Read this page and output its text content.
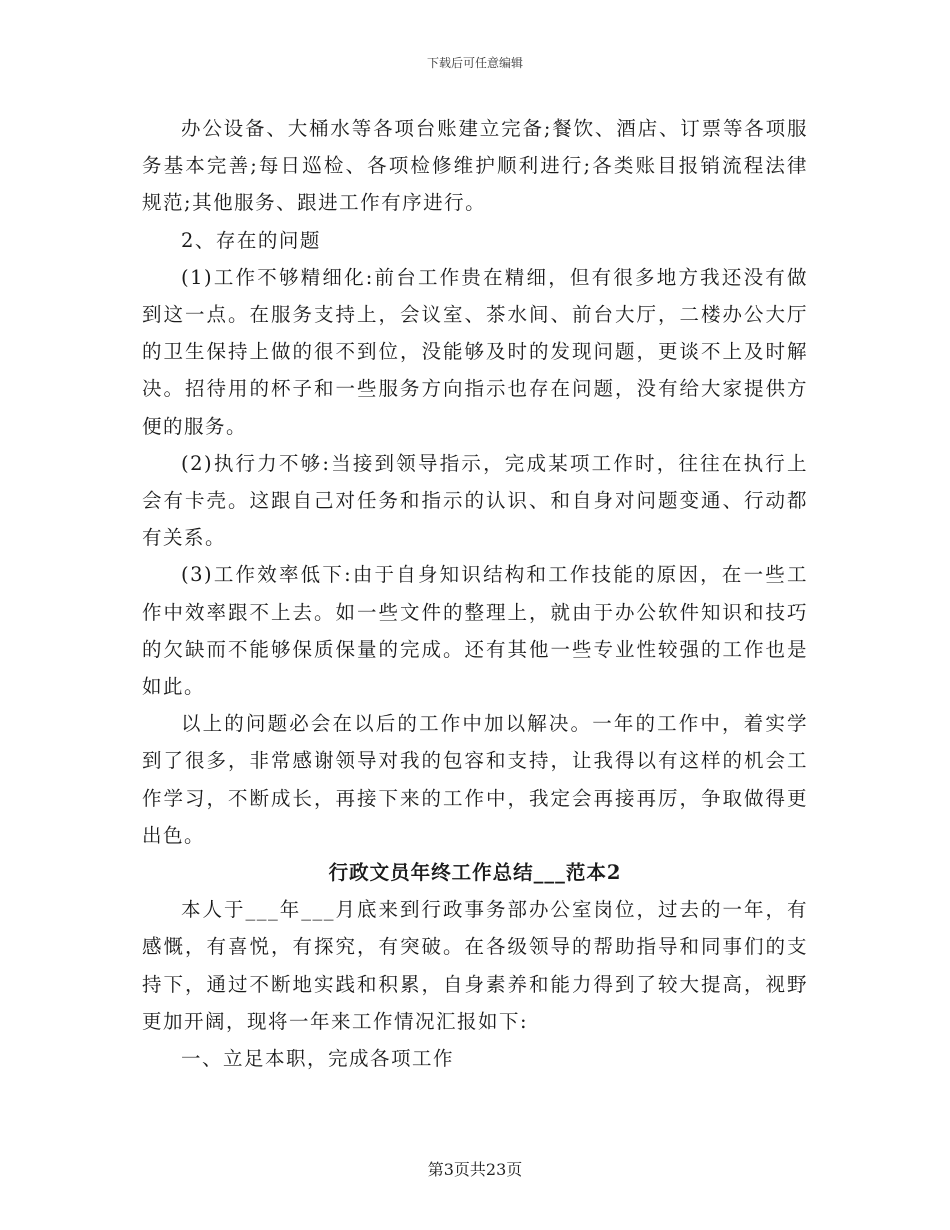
下载后可任意编辑

办公设备、大桶水等各项台账建立完备;餐饮、酒店、订票等各项服务基本完善;每日巡检、各项检修维护顺利进行;各类账目报销流程法律规范;其他服务、跟进工作有序进行。

2、存在的问题

(1)工作不够精细化:前台工作贵在精细，但有很多地方我还没有做到这一点。在服务支持上，会议室、茶水间、前台大厅，二楼办公大厅的卫生保持上做的很不到位，没能够及时的发现问题，更谈不上及时解决。招待用的杯子和一些服务方向指示也存在问题，没有给大家提供方便的服务。

(2)执行力不够:当接到领导指示，完成某项工作时，往往在执行上会有卡壳。这跟自己对任务和指示的认识、和自身对问题变通、行动都有关系。

(3)工作效率低下:由于自身知识结构和工作技能的原因，在一些工作中效率跟不上去。如一些文件的整理上，就由于办公软件知识和技巧的欠缺而不能够保质保量的完成。还有其他一些专业性较强的工作也是如此。

以上的问题必会在以后的工作中加以解决。一年的工作中，着实学到了很多，非常感谢领导对我的包容和支持，让我得以有这样的机会工作学习，不断成长，再接下来的工作中，我定会再接再厉，争取做得更出色。

行政文员年终工作总结___范本2

本人于___年___月底来到行政事务部办公室岗位，过去的一年，有感慨，有喜悦，有探究，有突破。在各级领导的帮助指导和同事们的支持下，通过不断地实践和积累，自身素养和能力得到了较大提高，视野更加开阔，现将一年来工作情况汇报如下:

一、立足本职，完成各项工作

第3页共23页
